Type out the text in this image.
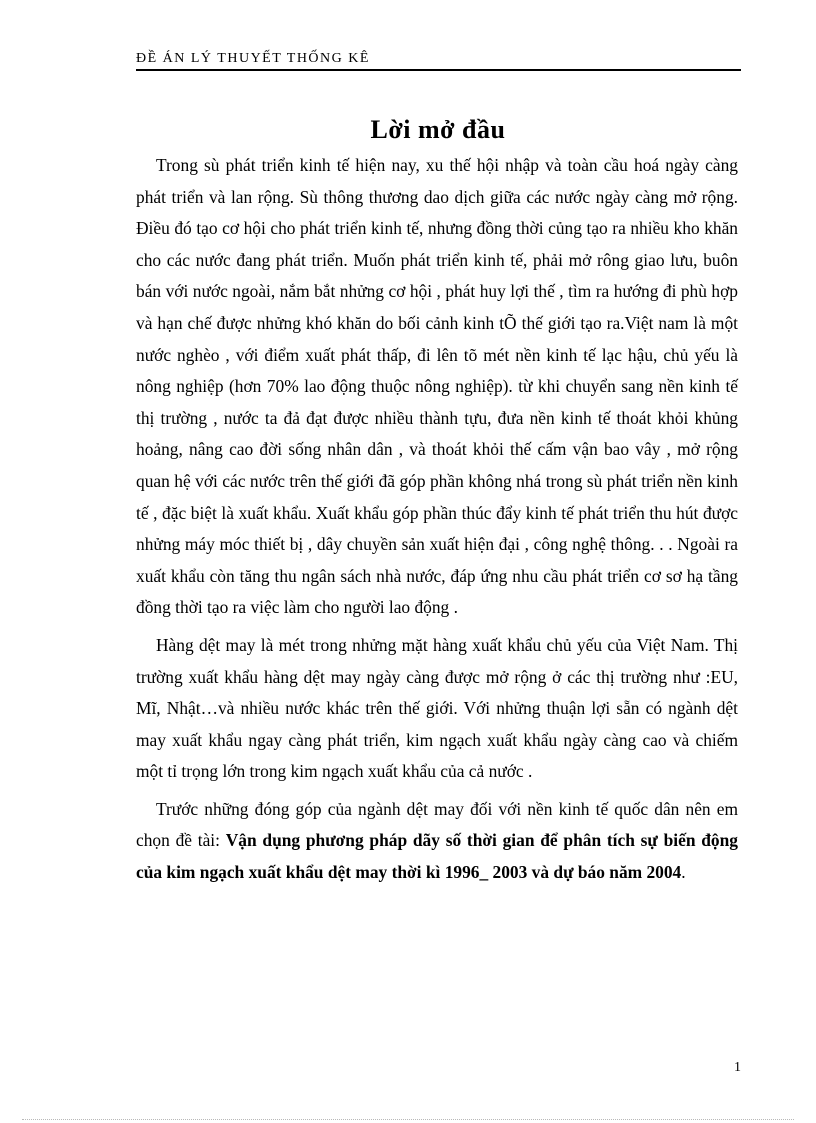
ĐỀ ÁN LÝ THUYẾT THỐNG KÊ
Lời mở đầu

Trong sù phát triển kinh tế hiện nay, xu thế hội nhập và toàn cầu hoá ngày càng phát triển và lan rộng. Sù thông thương dao dịch giữa các nước ngày càng mở rộng. Điều đó tạo cơ hội cho phát triển kinh tế, nhưng đồng thời củng tạo ra nhiều kho khăn cho các nước đang phát triển. Muốn phát triển kinh tế, phải mở rông giao lưu, buôn bán với nước ngoài, nắm bắt nhửng cơ hội , phát huy lợi thế , tìm ra hướng đi phù hợp và hạn chế được nhửng khó khăn do bối cảnh kinh tÕ thế giới tạo ra.Việt nam là một nước nghèo , với điểm xuất phát thấp, đi lên tõ mét nền kinh tế lạc hậu, chủ yếu là nông nghiệp (hơn 70% lao động thuộc nông nghiệp). từ khi chuyển sang nền kinh tế thị trường , nước ta đả đạt được nhiều thành tựu, đưa nền kinh tế thoát khỏi khủng hoảng, nâng cao đời sống nhân dân , và thoát khỏi thế cấm vận bao vây , mở rộng quan hệ với các nước trên thế giới đã góp phần không nhá trong sù phát triển nền kinh tế , đặc biệt là xuất khẩu. Xuất khẩu góp phần thúc đẩy kinh tế phát triển thu hút được nhửng máy móc thiết bị , dây chuyền sản xuất hiện đại , công nghệ thông. . . Ngoài ra xuất khẩu còn tăng thu ngân sách nhà nước, đáp ứng nhu cầu phát triển cơ sơ hạ tầng đồng thời tạo ra việc làm cho người lao động .

Hàng dệt may là mét trong nhửng mặt hàng xuất khẩu chủ yếu của Việt Nam. Thị trường xuất khẩu hàng dệt may ngày càng được mở rộng ở các thị trường như :EU, Mĩ, Nhật…và nhiều nước khác trên thế giới. Với nhửng thuận lợi sẵn có ngành dệt may xuất khẩu ngay càng phát triển, kim ngạch xuất khẩu ngày càng cao và chiếm một tỉ trọng lớn trong kim ngạch xuất khẩu của cả nước .

Trước những đóng góp của ngành dệt may đối với nền kinh tế quốc dân nên em chọn đề tài: Vận dụng phương pháp dãy số thời gian để phân tích sự biến động của kim ngạch xuất khẩu dệt may thời kì 1996_ 2003 và dự báo năm 2004.

1
